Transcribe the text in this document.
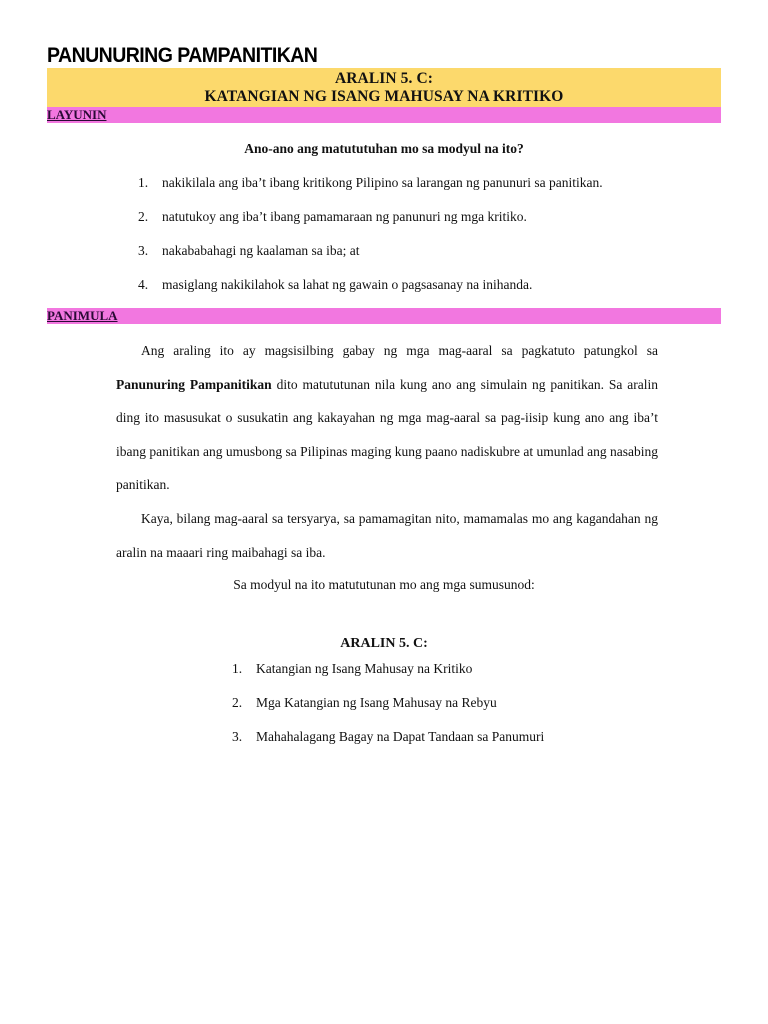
PANUNURING PAMPANITIKAN
ARALIN 5. C:
KATANGIAN NG ISANG MAHUSAY NA KRITIKO
LAYUNIN
Ano-ano ang matututuhan mo sa modyul na ito?
1.	nakikilala ang iba’t ibang kritikong Pilipino sa larangan ng panunuri sa panitikan.
2.	natutukoy ang iba’t ibang pamamaraan ng panunuri ng mga kritiko.
3.	nakababahagi ng kaalaman sa iba; at
4.	masiglang nakikilahok sa lahat ng gawain o pagsasanay na inihanda.
PANIMULA
Ang araling ito ay magsisilbing gabay ng mga mag-aaral sa pagkatuto patungkol sa Panunuring Pampanitikan dito matututunan nila kung ano ang simulain ng panitikan. Sa aralin ding ito masusukat o susukatin ang kakayahan ng mga mag-aaral sa pag-iisip kung ano ang iba’t ibang panitikan ang umusbong sa Pilipinas maging kung paano nadiskubre at umunlad ang nasabing panitikan.
Kaya, bilang mag-aaral sa tersyarya, sa pamamagitan nito, mamamalas mo ang kagandahan ng aralin na maaari ring maibahagi sa iba.
Sa modyul na ito matututunan mo ang mga sumusunod:
ARALIN 5. C:
1.	Katangian ng Isang Mahusay na Kritiko
2.	Mga Katangian ng Isang Mahusay na Rebyu
3.	Mahahalagang Bagay na Dapat Tandaan sa Panumuri
